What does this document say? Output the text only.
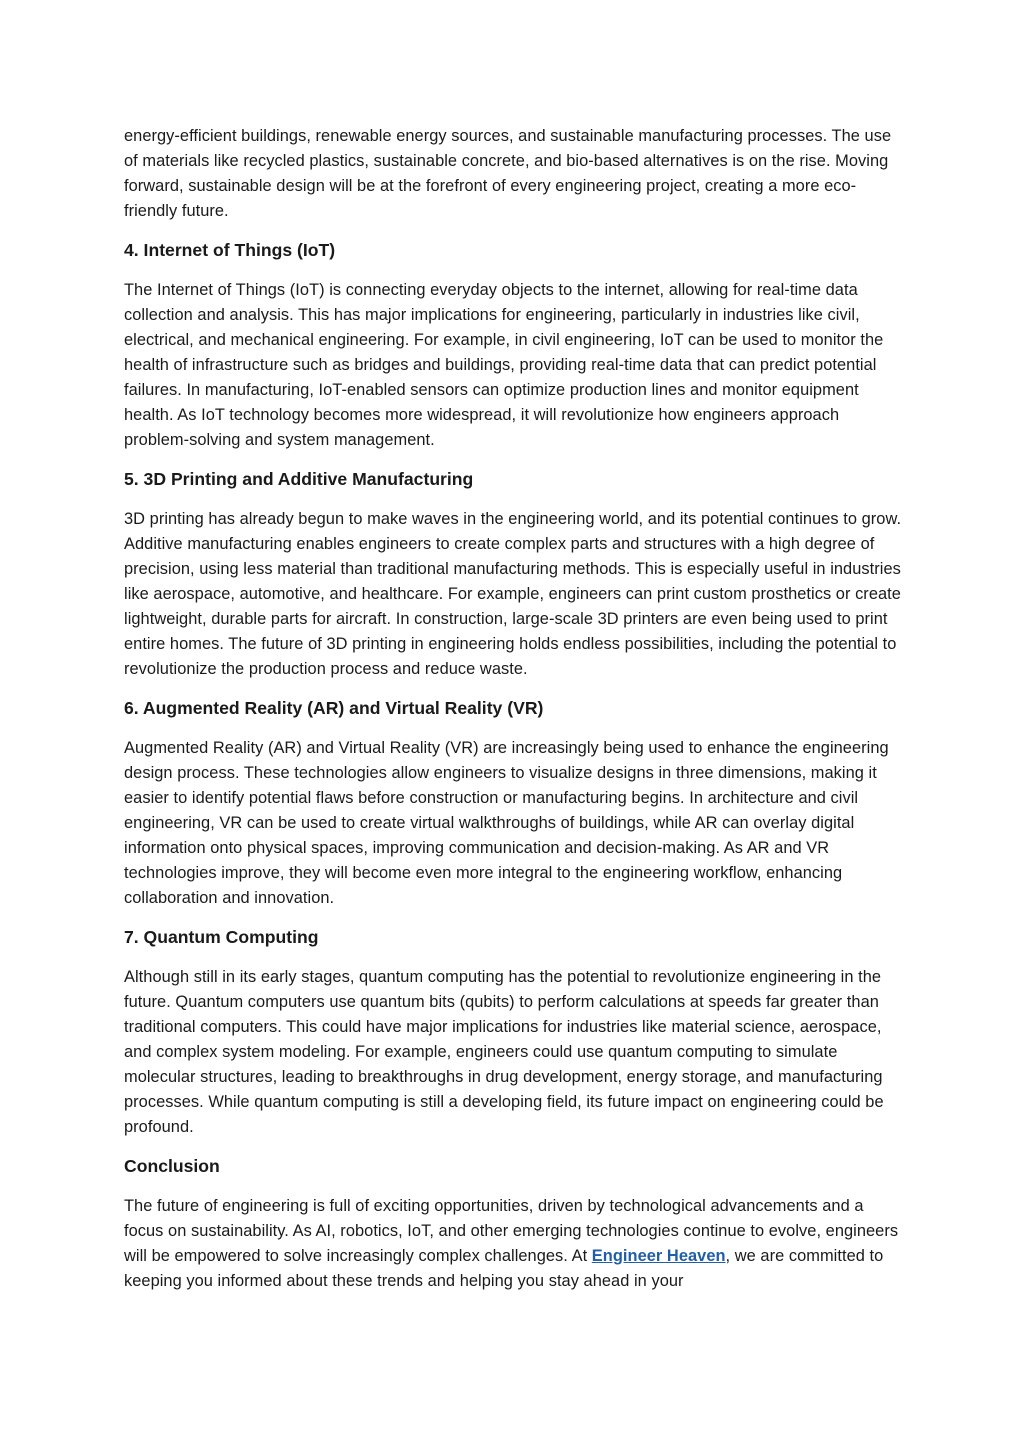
energy-efficient buildings, renewable energy sources, and sustainable manufacturing processes. The use of materials like recycled plastics, sustainable concrete, and bio-based alternatives is on the rise. Moving forward, sustainable design will be at the forefront of every engineering project, creating a more eco-friendly future.

4. Internet of Things (IoT)

The Internet of Things (IoT) is connecting everyday objects to the internet, allowing for real-time data collection and analysis. This has major implications for engineering, particularly in industries like civil, electrical, and mechanical engineering. For example, in civil engineering, IoT can be used to monitor the health of infrastructure such as bridges and buildings, providing real-time data that can predict potential failures. In manufacturing, IoT-enabled sensors can optimize production lines and monitor equipment health. As IoT technology becomes more widespread, it will revolutionize how engineers approach problem-solving and system management.

5. 3D Printing and Additive Manufacturing

3D printing has already begun to make waves in the engineering world, and its potential continues to grow. Additive manufacturing enables engineers to create complex parts and structures with a high degree of precision, using less material than traditional manufacturing methods. This is especially useful in industries like aerospace, automotive, and healthcare. For example, engineers can print custom prosthetics or create lightweight, durable parts for aircraft. In construction, large-scale 3D printers are even being used to print entire homes. The future of 3D printing in engineering holds endless possibilities, including the potential to revolutionize the production process and reduce waste.

6. Augmented Reality (AR) and Virtual Reality (VR)

Augmented Reality (AR) and Virtual Reality (VR) are increasingly being used to enhance the engineering design process. These technologies allow engineers to visualize designs in three dimensions, making it easier to identify potential flaws before construction or manufacturing begins. In architecture and civil engineering, VR can be used to create virtual walkthroughs of buildings, while AR can overlay digital information onto physical spaces, improving communication and decision-making. As AR and VR technologies improve, they will become even more integral to the engineering workflow, enhancing collaboration and innovation.

7. Quantum Computing

Although still in its early stages, quantum computing has the potential to revolutionize engineering in the future. Quantum computers use quantum bits (qubits) to perform calculations at speeds far greater than traditional computers. This could have major implications for industries like material science, aerospace, and complex system modeling. For example, engineers could use quantum computing to simulate molecular structures, leading to breakthroughs in drug development, energy storage, and manufacturing processes. While quantum computing is still a developing field, its future impact on engineering could be profound.

Conclusion

The future of engineering is full of exciting opportunities, driven by technological advancements and a focus on sustainability. As AI, robotics, IoT, and other emerging technologies continue to evolve, engineers will be empowered to solve increasingly complex challenges. At Engineer Heaven, we are committed to keeping you informed about these trends and helping you stay ahead in your
